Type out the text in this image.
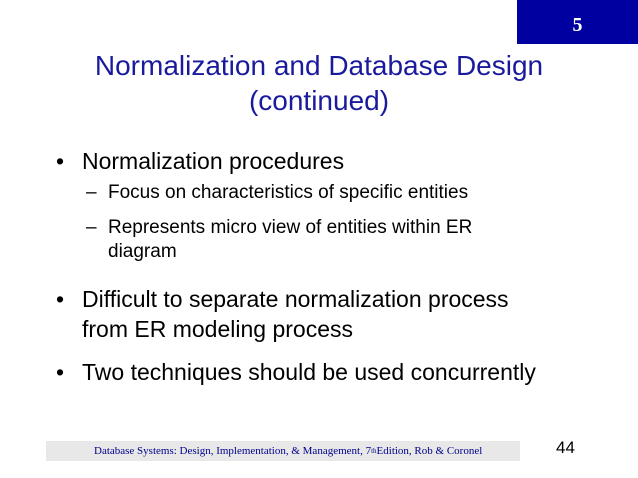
5
Normalization and Database Design
(continued)
• Normalization procedures
– Focus on characteristics of specific entities
– Represents micro view of entities within ER
diagram
• Difficult to separate normalization process
from ER modeling process
• Two techniques should be used concurrently
Database Systems: Design, Implementation, & Management, 7 th Edition, Rob & Coronel	44
